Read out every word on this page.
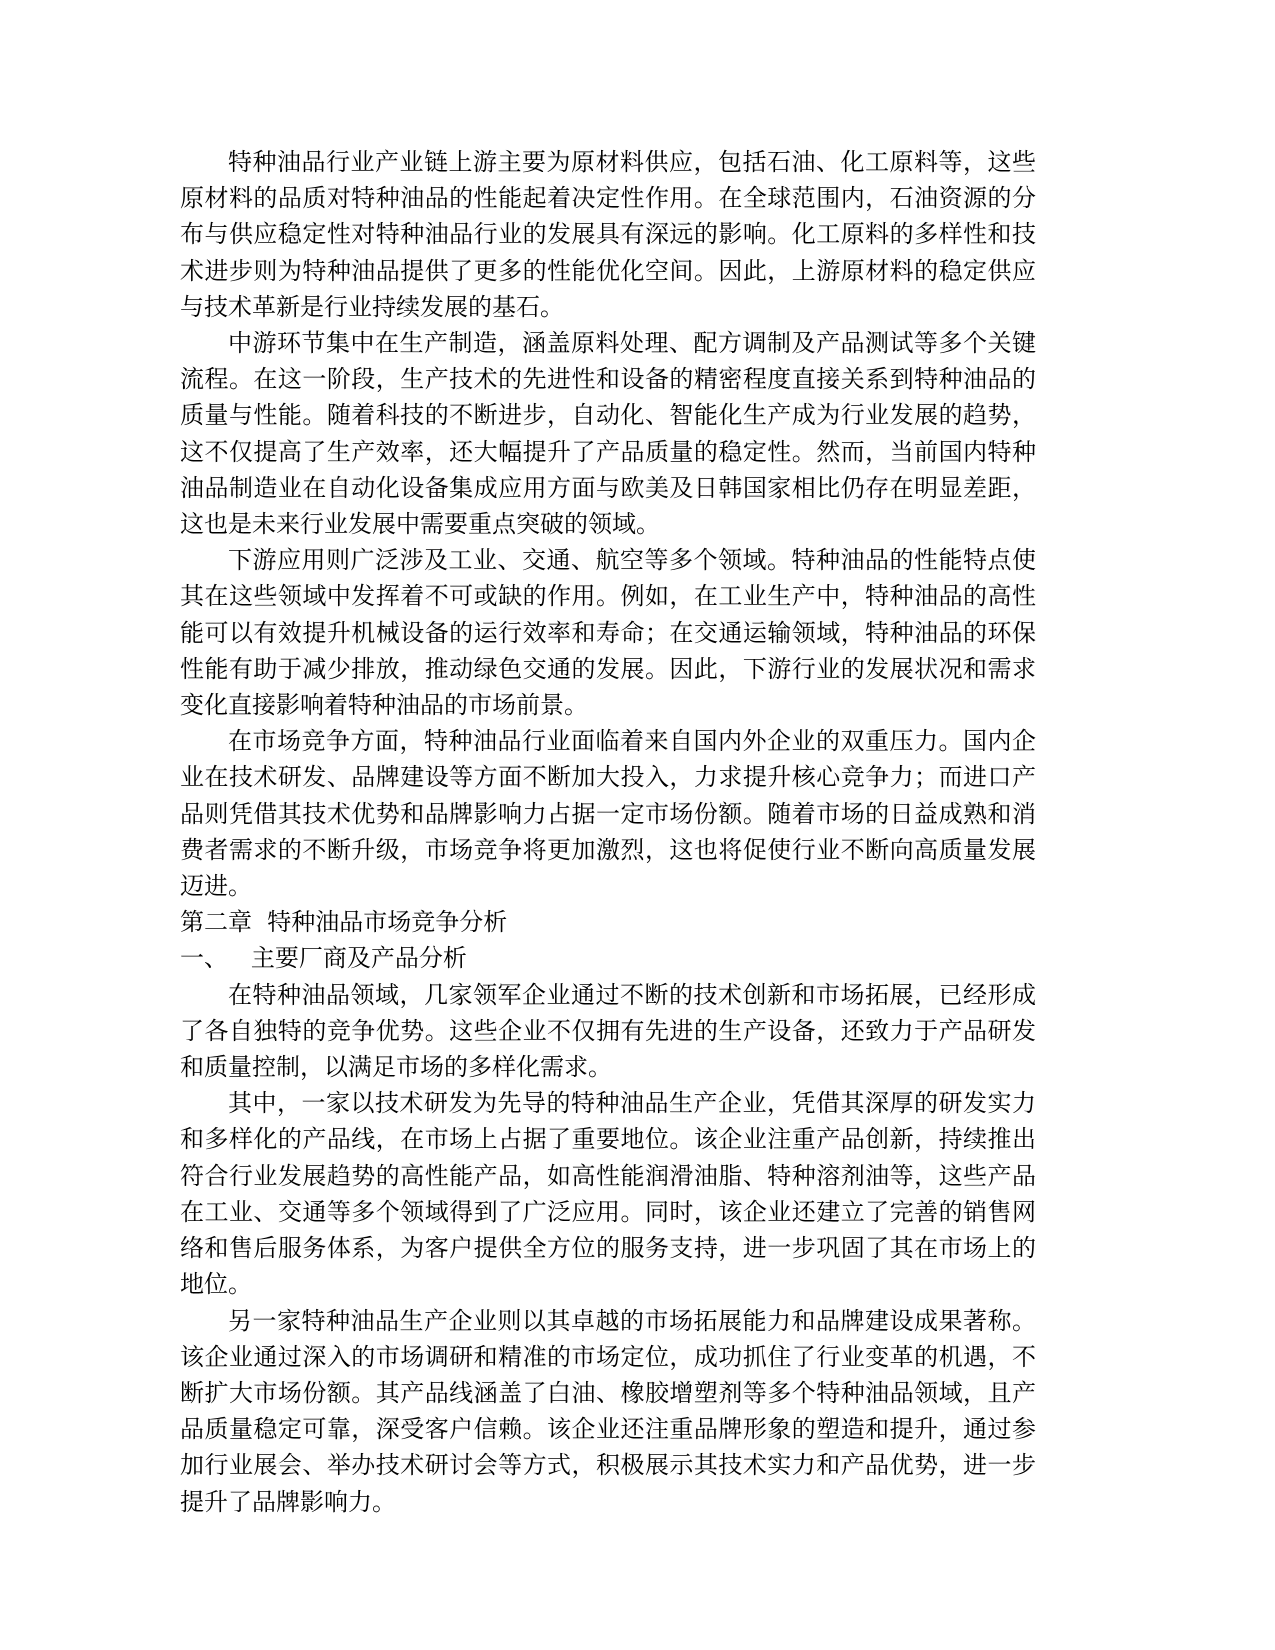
特种油品行业产业链上游主要为原材料供应，包括石油、化工原料等，这些原材料的品质对特种油品的性能起着决定性作用。在全球范围内，石油资源的分布与供应稳定性对特种油品行业的发展具有深远的影响。化工原料的多样性和技术进步则为特种油品提供了更多的性能优化空间。因此，上游原材料的稳定供应与技术革新是行业持续发展的基石。

中游环节集中在生产制造，涵盖原料处理、配方调制及产品测试等多个关键流程。在这一阶段，生产技术的先进性和设备的精密程度直接关系到特种油品的质量与性能。随着科技的不断进步，自动化、智能化生产成为行业发展的趋势，这不仅提高了生产效率，还大幅提升了产品质量的稳定性。然而，当前国内特种油品制造业在自动化设备集成应用方面与欧美及日韩国家相比仍存在明显差距，这也是未来行业发展中需要重点突破的领域。

下游应用则广泛涉及工业、交通、航空等多个领域。特种油品的性能特点使其在这些领域中发挥着不可或缺的作用。例如，在工业生产中，特种油品的高性能可以有效提升机械设备的运行效率和寿命；在交通运输领域，特种油品的环保性能有助于减少排放，推动绿色交通的发展。因此，下游行业的发展状况和需求变化直接影响着特种油品的市场前景。

在市场竞争方面，特种油品行业面临着来自国内外企业的双重压力。国内企业在技术研发、品牌建设等方面不断加大投入，力求提升核心竞争力；而进口产品则凭借其技术优势和品牌影响力占据一定市场份额。随着市场的日益成熟和消费者需求的不断升级，市场竞争将更加激烈，这也将促使行业不断向高质量发展迈进。

第二章  特种油品市场竞争分析

一、   主要厂商及产品分析

在特种油品领域，几家领军企业通过不断的技术创新和市场拓展，已经形成了各自独特的竞争优势。这些企业不仅拥有先进的生产设备，还致力于产品研发和质量控制，以满足市场的多样化需求。

其中，一家以技术研发为先导的特种油品生产企业，凭借其深厚的研发实力和多样化的产品线，在市场上占据了重要地位。该企业注重产品创新，持续推出符合行业发展趋势的高性能产品，如高性能润滑油脂、特种溶剂油等，这些产品在工业、交通等多个领域得到了广泛应用。同时，该企业还建立了完善的销售网络和售后服务体系，为客户提供全方位的服务支持，进一步巩固了其在市场上的地位。

另一家特种油品生产企业则以其卓越的市场拓展能力和品牌建设成果著称。该企业通过深入的市场调研和精准的市场定位，成功抓住了行业变革的机遇，不断扩大市场份额。其产品线涵盖了白油、橡胶增塑剂等多个特种油品领域，且产品质量稳定可靠，深受客户信赖。该企业还注重品牌形象的塑造和提升，通过参加行业展会、举办技术研讨会等方式，积极展示其技术实力和产品优势，进一步提升了品牌影响力。
